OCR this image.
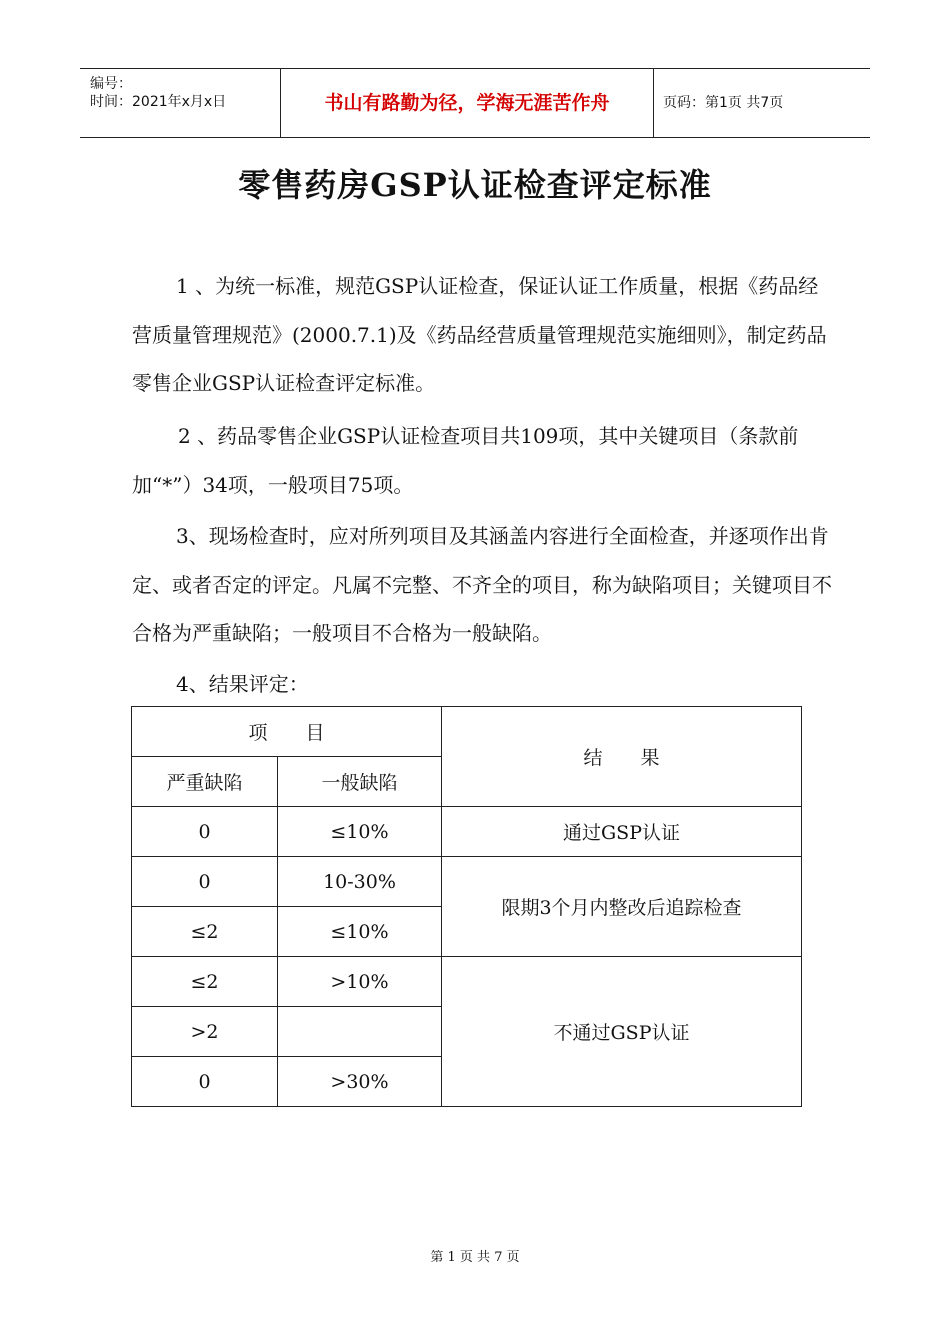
编号：
时间：2021年x月x日	书山有路勤为径，学海无涯苦作舟	页码：第1页 共7页
零售药房GSP认证检查评定标准

1 、为统一标准，规范GSP认证检查，保证认证工作质量，根据《药品经营质量管理规范》(2000.7.1)及《药品经营质量管理规范实施细则》，制定药品零售企业GSP认证检查评定标准。

2 、药品零售企业GSP认证检查项目共109项，其中关键项目（条款前加“*”）34项，一般项目75项。

3、现场检查时，应对所列项目及其涵盖内容进行全面检查，并逐项作出肯定、或者否定的评定。凡属不完整、不齐全的项目，称为缺陷项目；关键项目不合格为严重缺陷；一般项目不合格为一般缺陷。

4、结果评定：

项　　目		结　　果
严重缺陷	一般缺陷	
0	≤10%	通过GSP认证
0	10-30%	限期3个月内整改后追踪检查
≤2	≤10%	
≤2	>10%	不通过GSP认证
>2		
0	>30%	
第 1 页 共 7 页
